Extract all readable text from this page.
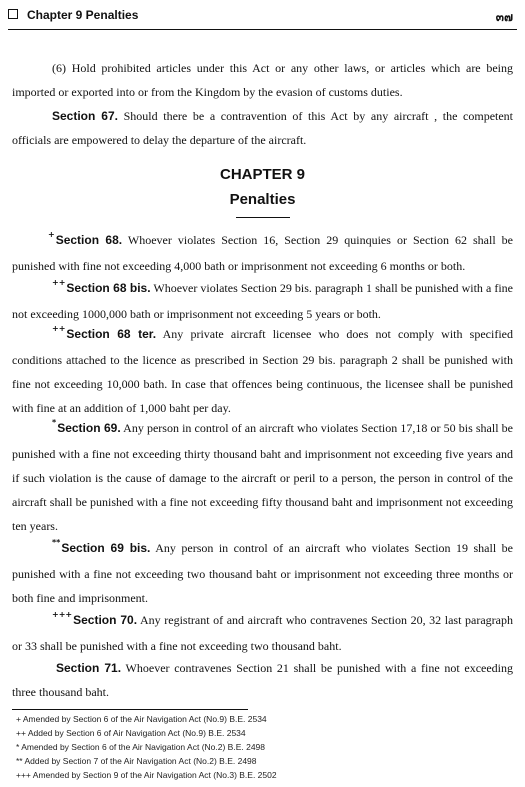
Chapter 9 Penalties	๓๗

(6) Hold prohibited articles under this Act or any other laws, or articles which are being imported or exported into or from the Kingdom by the evasion of customs duties.

Section 67. Should there be a contravention of this Act by any aircraft , the competent officials are empowered to delay the departure of the aircraft.

CHAPTER 9
Penalties

+Section 68. Whoever violates Section 16, Section 29 quinquies or Section 62 shall be punished with fine not exceeding 4,000 bath or imprisonment not exceeding 6 months or both.

++Section 68 bis. Whoever violates Section 29 bis. paragraph 1 shall be punished with a fine not exceeding 1000,000 bath or imprisonment not exceeding 5 years or both.

++Section 68 ter. Any private aircraft licensee who does not comply with specified conditions attached to the licence as prescribed in Section 29 bis. paragraph 2 shall be punished with fine not exceeding 10,000 bath. In case that offences being continuous, the licensee shall be punished with fine at an addition of 1,000 baht per day.

*Section 69. Any person in control of an aircraft who violates Section 17,18 or 50 bis shall be punished with a fine not exceeding thirty thousand baht and imprisonment not exceeding five years and if such violation is the cause of damage to the aircraft or peril to a person, the person in control of the aircraft shall be punished with a fine not exceeding fifty thousand baht and imprisonment not exceeding ten years.

**Section 69 bis. Any person in control of an aircraft who violates Section 19 shall be punished with a fine not exceeding two thousand baht or imprisonment not exceeding three months or both fine and imprisonment.

+++Section 70. Any registrant of and aircraft who contravenes Section 20, 32 last paragraph or 33 shall be punished with a fine not exceeding two thousand baht.

Section 71. Whoever contravenes Section 21 shall be punished with a fine not exceeding three thousand baht.

+ Amended by Section 6 of the Air Navigation Act (No.9) B.E. 2534
++ Added by Section 6 of Air Navigation Act (No.9) B.E. 2534
* Amended by Section 6 of the Air Navigation Act (No.2) B.E. 2498
** Added by Section 7 of the Air Navigation Act (No.2) B.E. 2498
+++ Amended by Section 9 of the Air Navigation Act (No.3) B.E. 2502
